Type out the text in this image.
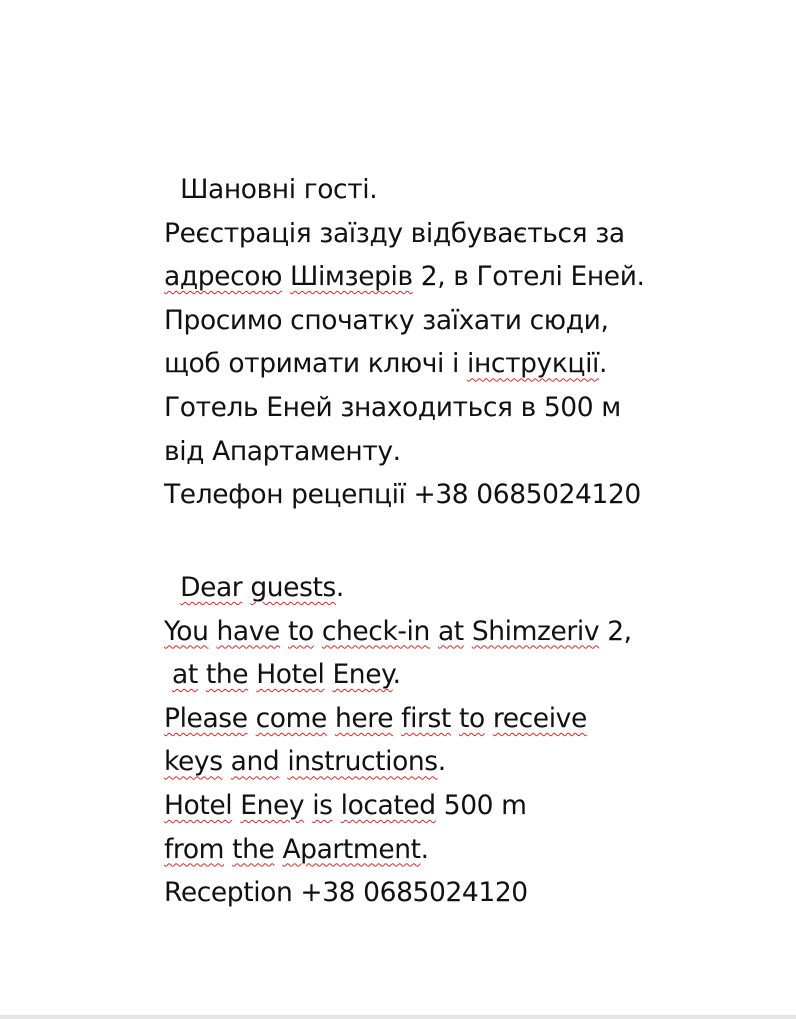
Шановні гості.
Реєстрація заїзду відбувається за
адресою Шімзерів 2, в Готелі Еней.
Просимо спочатку заїхати сюди,
щоб отримати ключі і інструкції.
Готель Еней знаходиться в 500 м
від Апартаменту.
Телефон рецепції +38 0685024120
Dear guests.
You have to check-in at Shimzeriv 2,
at the Hotel Eney.
Please come here first to receive
keys and instructions.
Hotel Eney is located 500 m
from the Apartment.
Reception +38 0685024120
